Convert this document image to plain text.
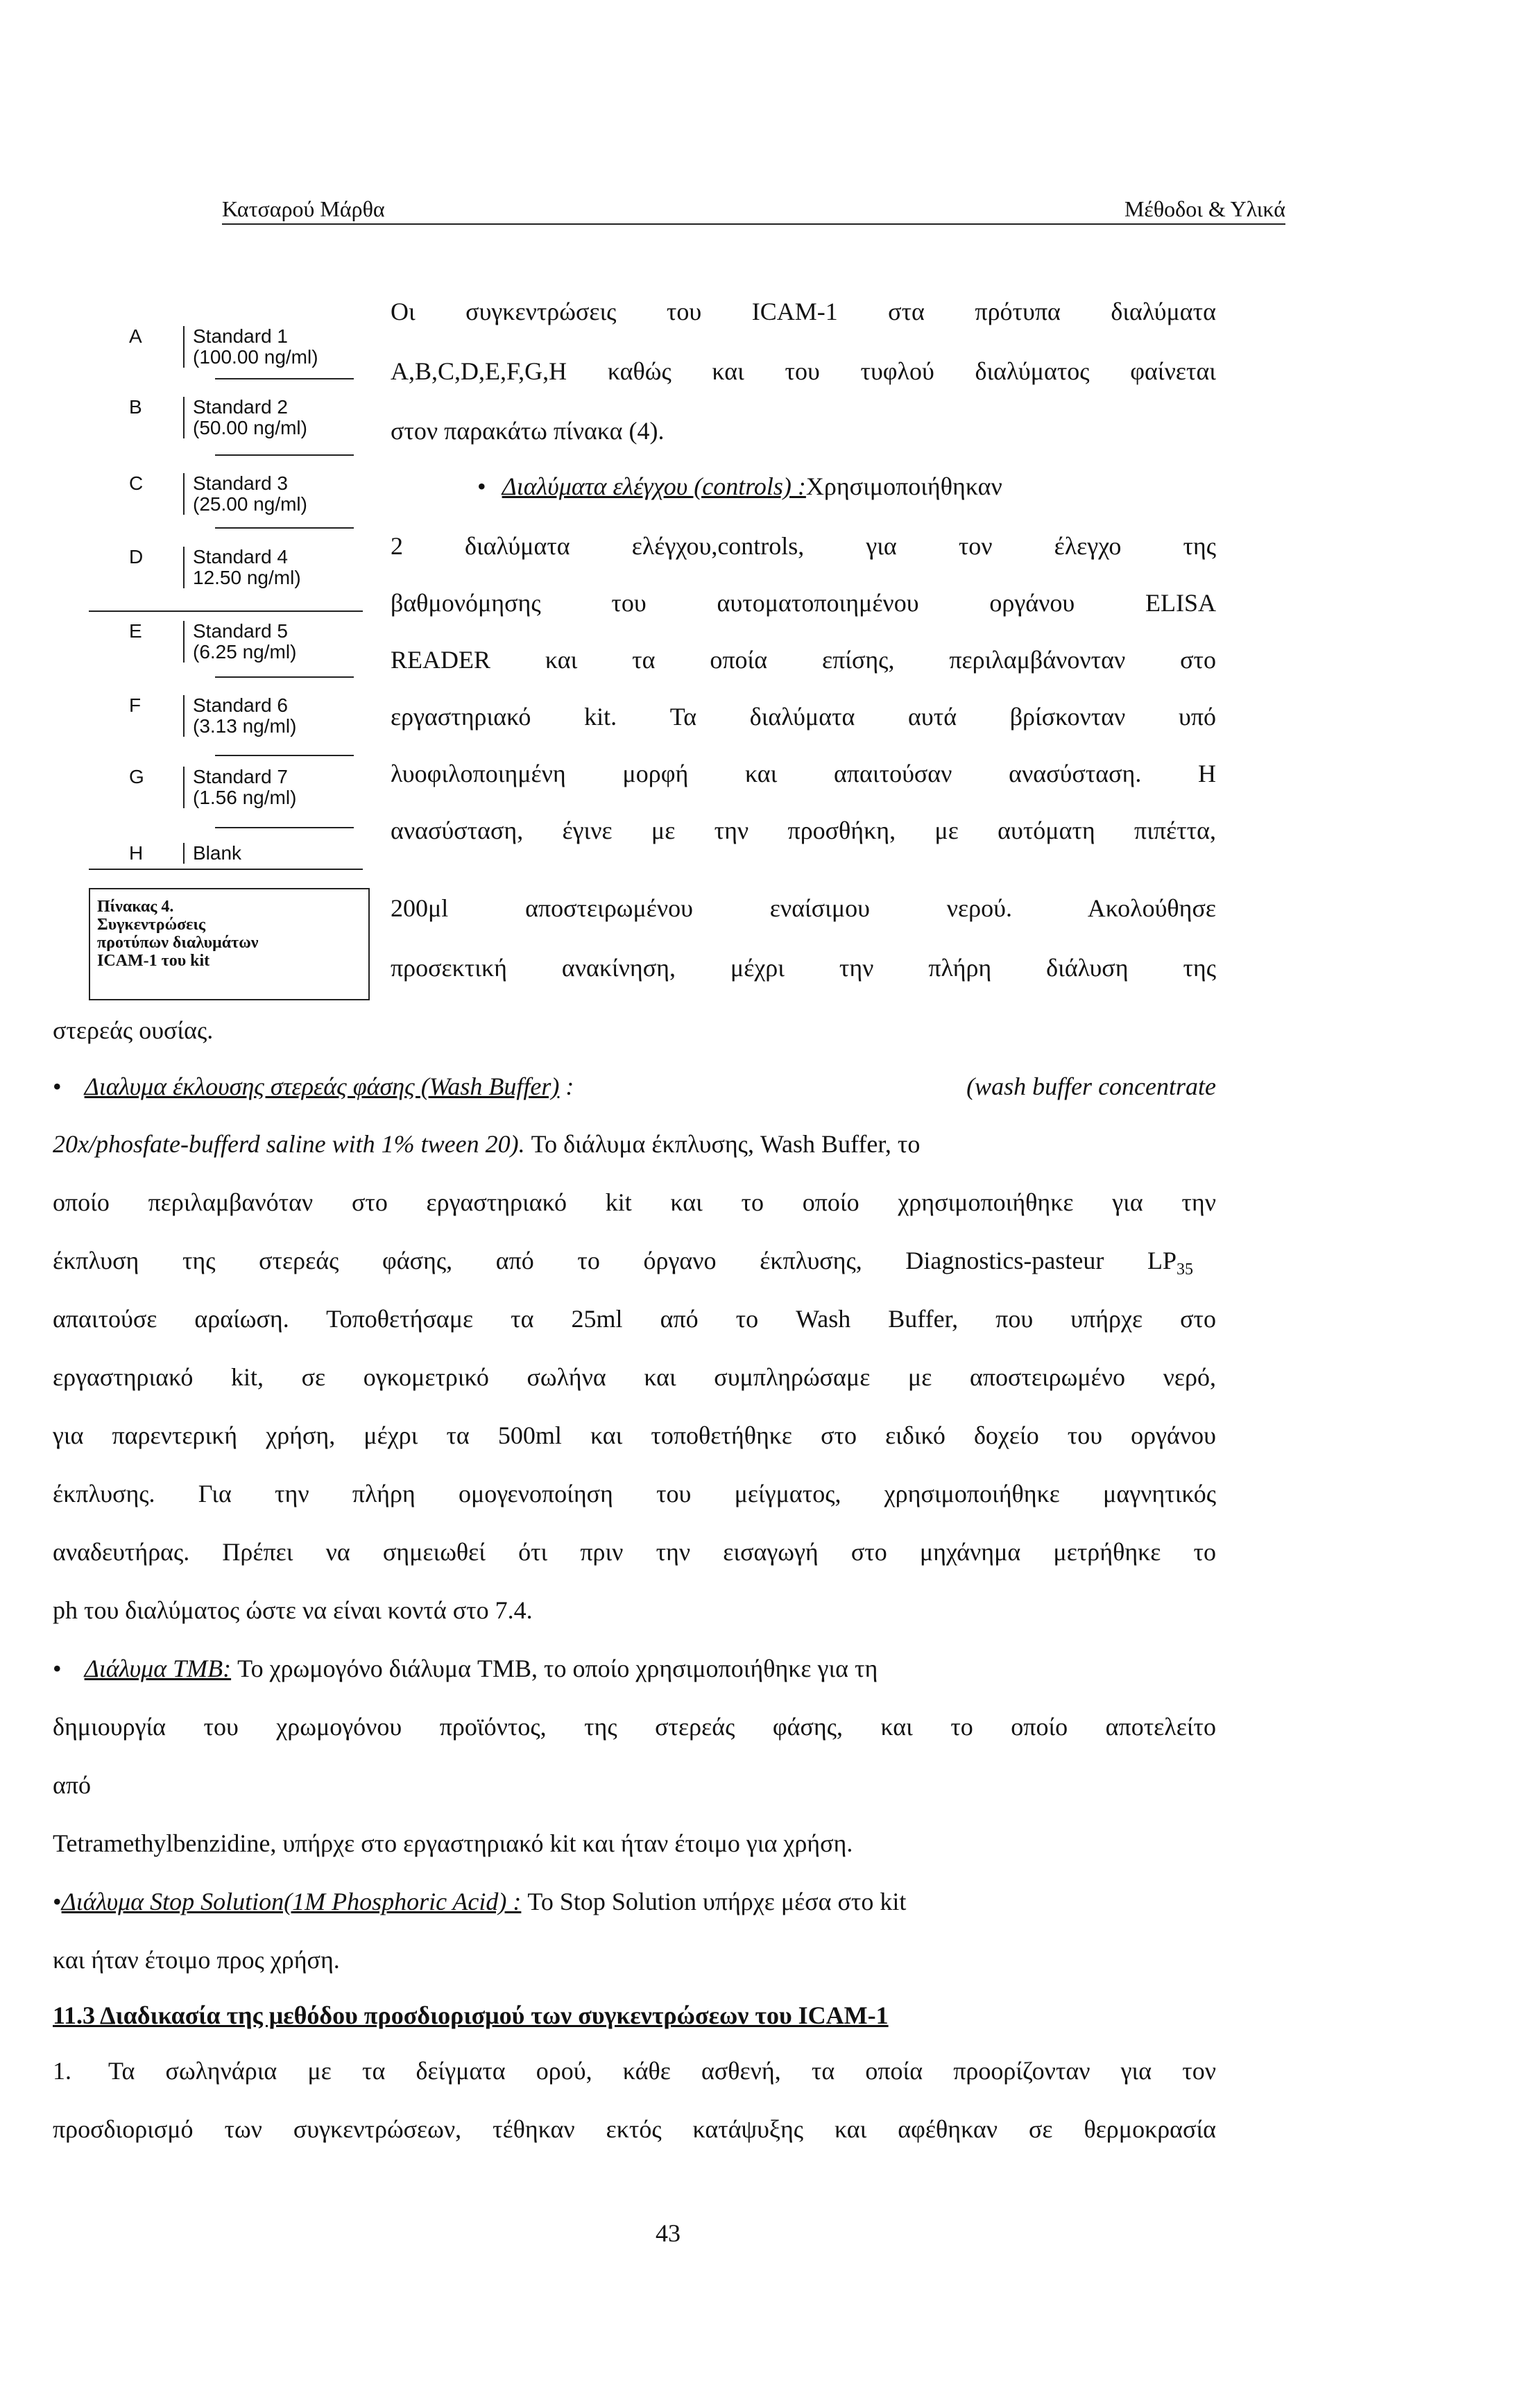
Κατσαρού Μάρθα	Μέθοδοι & Υλικά
A	Standard 1
(100.00 ng/ml)
B	Standard 2
(50.00 ng/ml)
C	Standard 3
(25.00 ng/ml)
D	Standard 4
12.50 ng/ml)
E	Standard 5
(6.25 ng/ml)
F	Standard 6
(3.13 ng/ml)
G	Standard 7
(1.56 ng/ml)
H	Blank
Πίνακας 4.
Συγκεντρώσεις
προτύπων διαλυμάτων
ICAM-1 του kit
Οι συγκεντρώσεις του ICAM-1 στα πρότυπα διαλύματα
A,B,C,D,E,F,G,H καθώς και του τυφλού διαλύματος φαίνεται
στον παρακάτω πίνακα (4).
• Διαλύματα ελέγχου (controls) :Χρησιμοποιήθηκαν
2 διαλύματα ελέγχου,controls, για τον έλεγχο της
βαθμονόμησης του αυτοματοποιημένου οργάνου ELISA
READER και τα οποία επίσης, περιλαμβάνονταν στο
εργαστηριακό kit. Τα διαλύματα αυτά βρίσκονταν υπό
λυοφιλοποιημένη μορφή και απαιτούσαν ανασύσταση. Η
ανασύσταση, έγινε με την προσθήκη, με αυτόματη πιπέττα,
200μl αποστειρωμένου εναίσιμου νερού. Ακολούθησε
προσεκτική ανακίνηση, μέχρι την πλήρη διάλυση της
στερεάς ουσίας.
• Διαλυμα έκλουσης στερεάς φάσης (Wash Buffer) :	(wash buffer concentrate
20x/phosfate-bufferd saline with 1% tween 20). Το διάλυμα έκπλυσης, Wash Buffer, το
οποίο περιλαμβανόταν στο εργαστηριακό kit και το οποίο χρησιμοποιήθηκε για την
έκπλυση της στερεάς φάσης, από το όργανο έκπλυσης, Diagnostics-pasteur $LP_{35}$
απαιτούσε αραίωση. Τοποθετήσαμε τα 25ml από το Wash Buffer, που υπήρχε στο
εργαστηριακό kit, σε ογκομετρικό σωλήνα και συμπληρώσαμε με αποστειρωμένο νερό,
για παρεντερική χρήση, μέχρι τα 500ml και τοποθετήθηκε στο ειδικό δοχείο του οργάνου
έκπλυσης. Για την πλήρη ομογενοποίηση του μείγματος, χρησιμοποιήθηκε μαγνητικός
αναδευτήρας. Πρέπει να σημειωθεί ότι πριν την εισαγωγή στο μηχάνημα μετρήθηκε το
ph του διαλύματος ώστε να είναι κοντά στο 7.4.
• Διάλυμα TMB: Το χρωμογόνο διάλυμα TMB, το οποίο χρησιμοποιήθηκε για τη
δημιουργία του χρωμογόνου προϊόντος, της στερεάς φάσης, και το οποίο αποτελείτο
από
Tetramethylbenzidine, υπήρχε στο εργαστηριακό kit και ήταν έτοιμο για χρήση.
•Διάλυμα Stop Solution(1M Phosphoric Acid) : Το Stop Solution υπήρχε μέσα στο kit
και ήταν έτοιμο προς χρήση.
11.3 Διαδικασία της μεθόδου προσδιορισμού των συγκεντρώσεων του ICAM-1
1. Τα σωληνάρια με τα δείγματα ορού, κάθε ασθενή, τα οποία προορίζονταν για τον
προσδιορισμό των συγκεντρώσεων, τέθηκαν εκτός κατάψυξης και αφέθηκαν σε θερμοκρασία
43
